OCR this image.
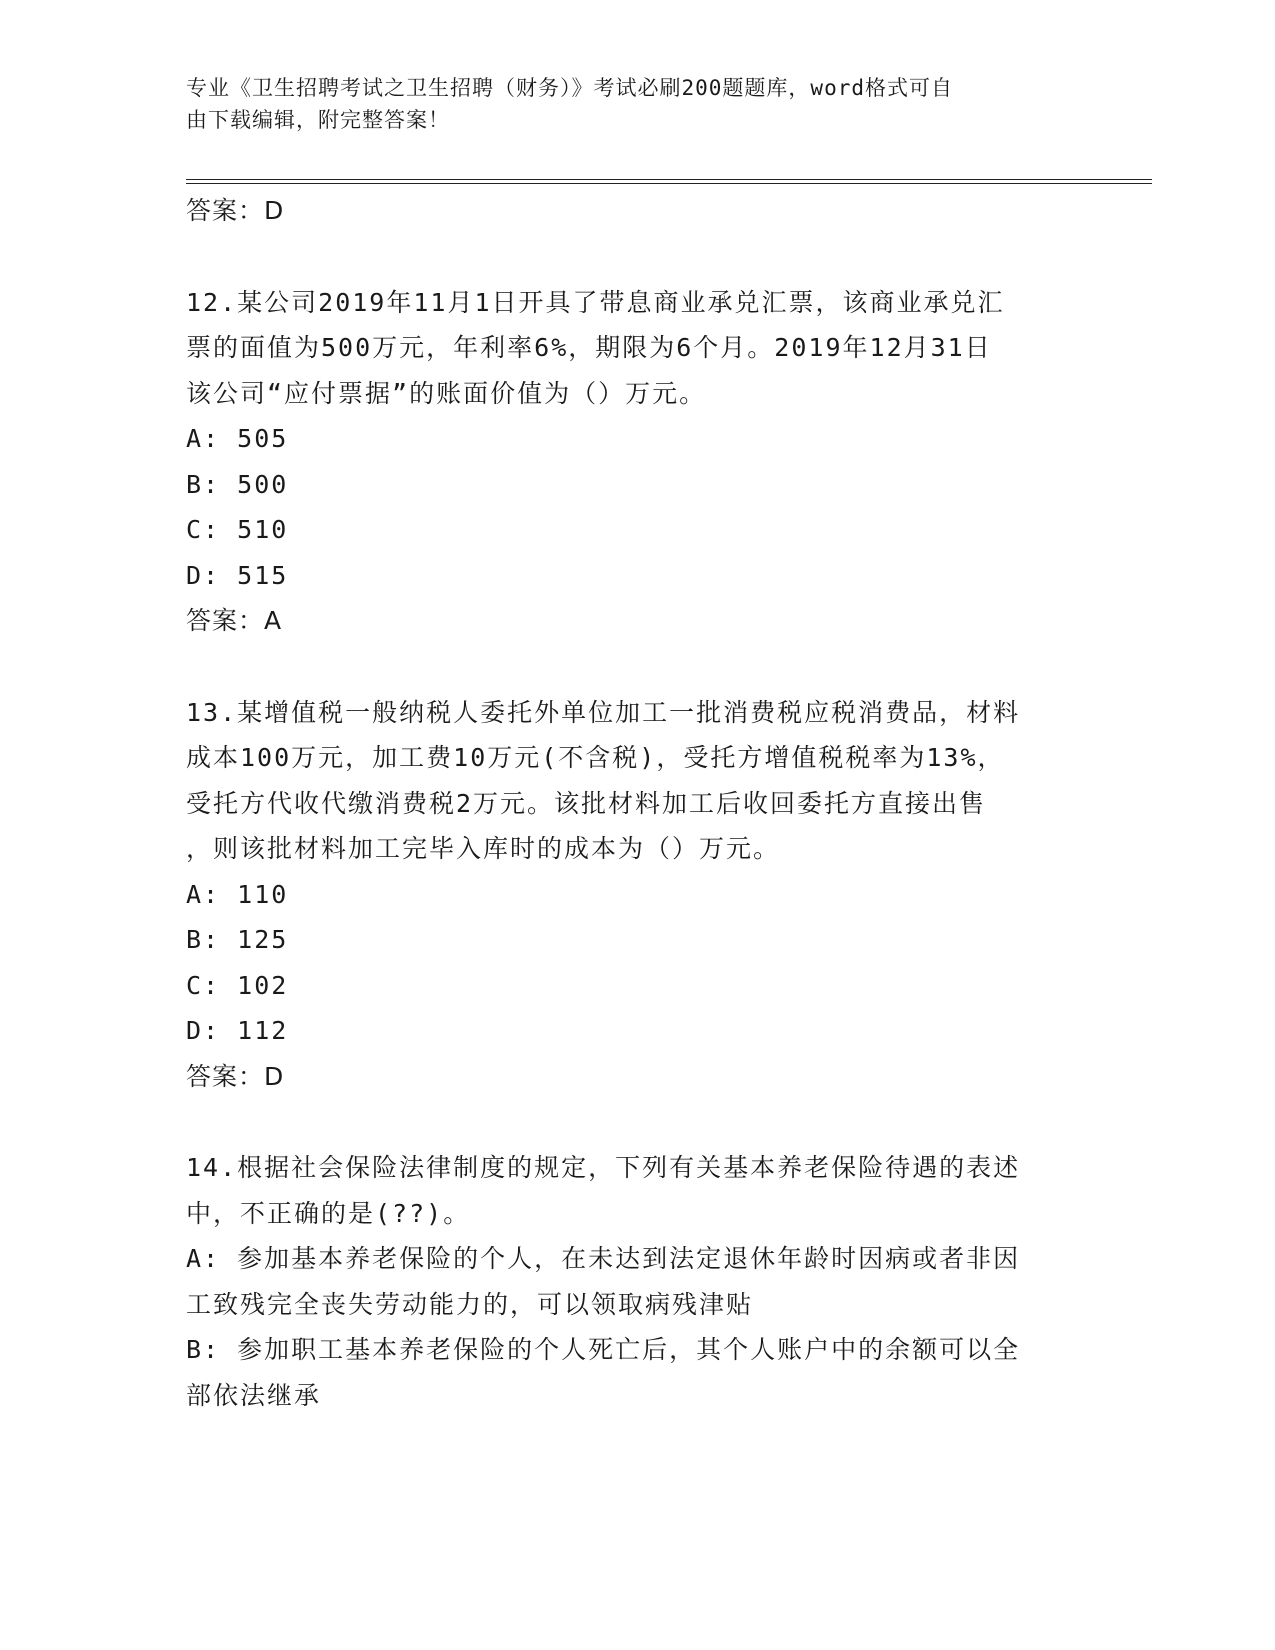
专业《卫生招聘考试之卫生招聘（财务）》考试必刷200题题库，word格式可自
由下载编辑，附完整答案！
答案：D
12.某公司2019年11月1日开具了带息商业承兑汇票，该商业承兑汇
票的面值为500万元，年利率6%，期限为6个月。2019年12月31日
该公司“应付票据”的账面价值为（）万元。
A: 505
B: 500
C: 510
D: 515
答案：A
13.某增值税一般纳税人委托外单位加工一批消费税应税消费品，材料
成本100万元，加工费10万元(不含税)，受托方增值税税率为13%，
受托方代收代缴消费税2万元。该批材料加工后收回委托方直接出售
，则该批材料加工完毕入库时的成本为（）万元。
A: 110
B: 125
C: 102
D: 112
答案：D
14.根据社会保险法律制度的规定，下列有关基本养老保险待遇的表述
中，不正确的是(??)。
A: 参加基本养老保险的个人，在未达到法定退休年龄时因病或者非因
工致残完全丧失劳动能力的，可以领取病残津贴
B: 参加职工基本养老保险的个人死亡后，其个人账户中的余额可以全
部依法继承
